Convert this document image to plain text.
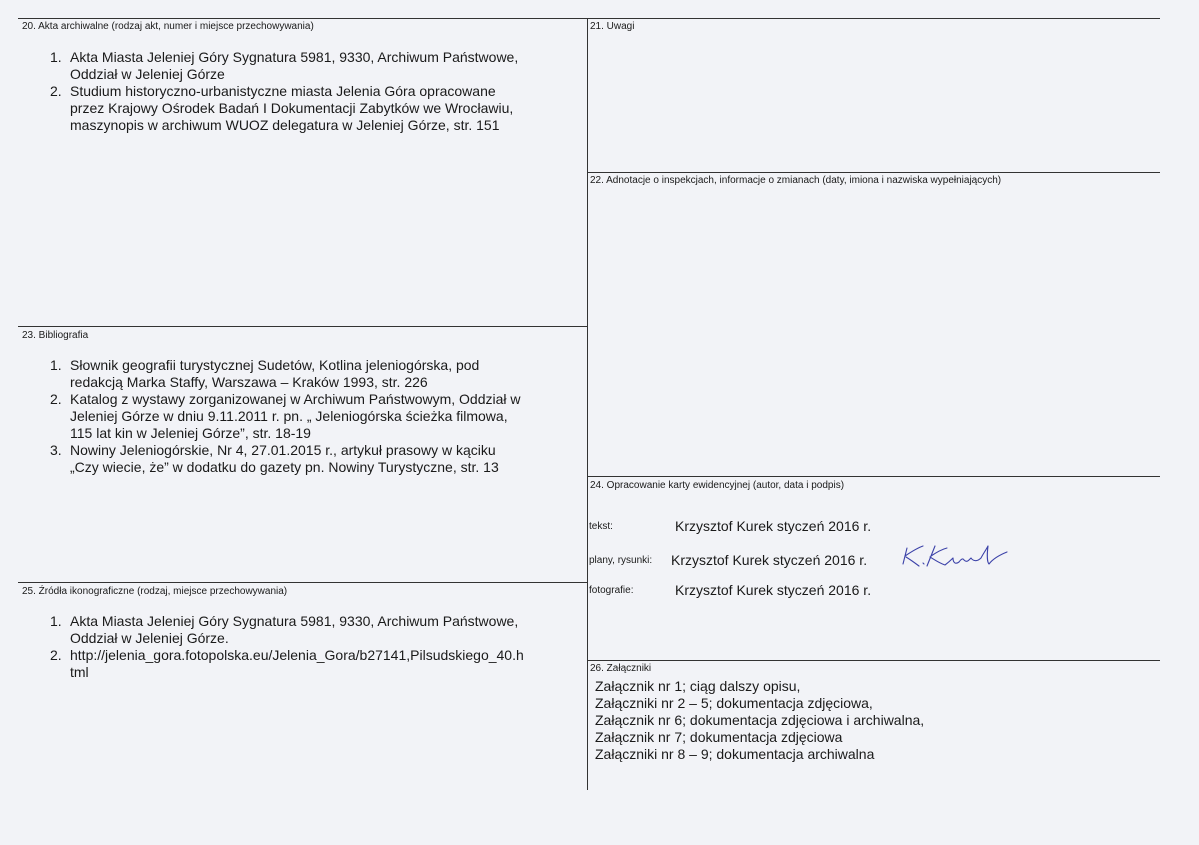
20. Akta archiwalne (rodzaj akt, numer i miejsce przechowywania)
1. Akta Miasta Jeleniej Góry Sygnatura 5981, 9330, Archiwum Państwowe,
Oddział w Jeleniej Górze
2. Studium historyczno-urbanistyczne miasta Jelenia Góra opracowane
przez Krajowy Ośrodek Badań I Dokumentacji Zabytków we Wrocławiu,
maszynopis w archiwum WUOZ delegatura w Jeleniej Górze, str. 151
21. Uwagi
22. Adnotacje o inspekcjach, informacje o zmianach (daty, imiona i nazwiska wypełniających)
23. Bibliografia
1. Słownik geografii turystycznej Sudetów, Kotlina jeleniogórska, pod
redakcją Marka Staffy, Warszawa – Kraków 1993, str. 226
2. Katalog z wystawy zorganizowanej w Archiwum Państwowym, Oddział w
Jeleniej Górze w dniu 9.11.2011 r. pn. „ Jeleniogórska ścieżka filmowa,
115 lat kin w Jeleniej Górze”, str. 18-19
3. Nowiny Jeleniogórskie, Nr 4, 27.01.2015 r., artykuł prasowy w kąciku
„Czy wiecie, że” w dodatku do gazety pn. Nowiny Turystyczne, str. 13
24. Opracowanie karty ewidencyjnej (autor, data i podpis)
tekst:	Krzysztof Kurek styczeń 2016 r.
plany, rysunki: Krzysztof Kurek styczeń 2016 r.
fotografie:	Krzysztof Kurek styczeń 2016 r.
25. Źródła ikonograficzne (rodzaj, miejsce przechowywania)
1. Akta Miasta Jeleniej Góry Sygnatura 5981, 9330, Archiwum Państwowe,
Oddział w Jeleniej Górze.
2. http://jelenia_gora.fotopolska.eu/Jelenia_Gora/b27141,Pilsudskiego_40.h
tml	26. Załączniki
Załącznik nr 1; ciąg dalszy opisu,
Załączniki nr 2 – 5; dokumentacja zdjęciowa,
Załącznik nr 6; dokumentacja zdjęciowa i archiwalna,
Załącznik nr 7; dokumentacja zdjęciowa
Załączniki nr 8 – 9; dokumentacja archiwalna
